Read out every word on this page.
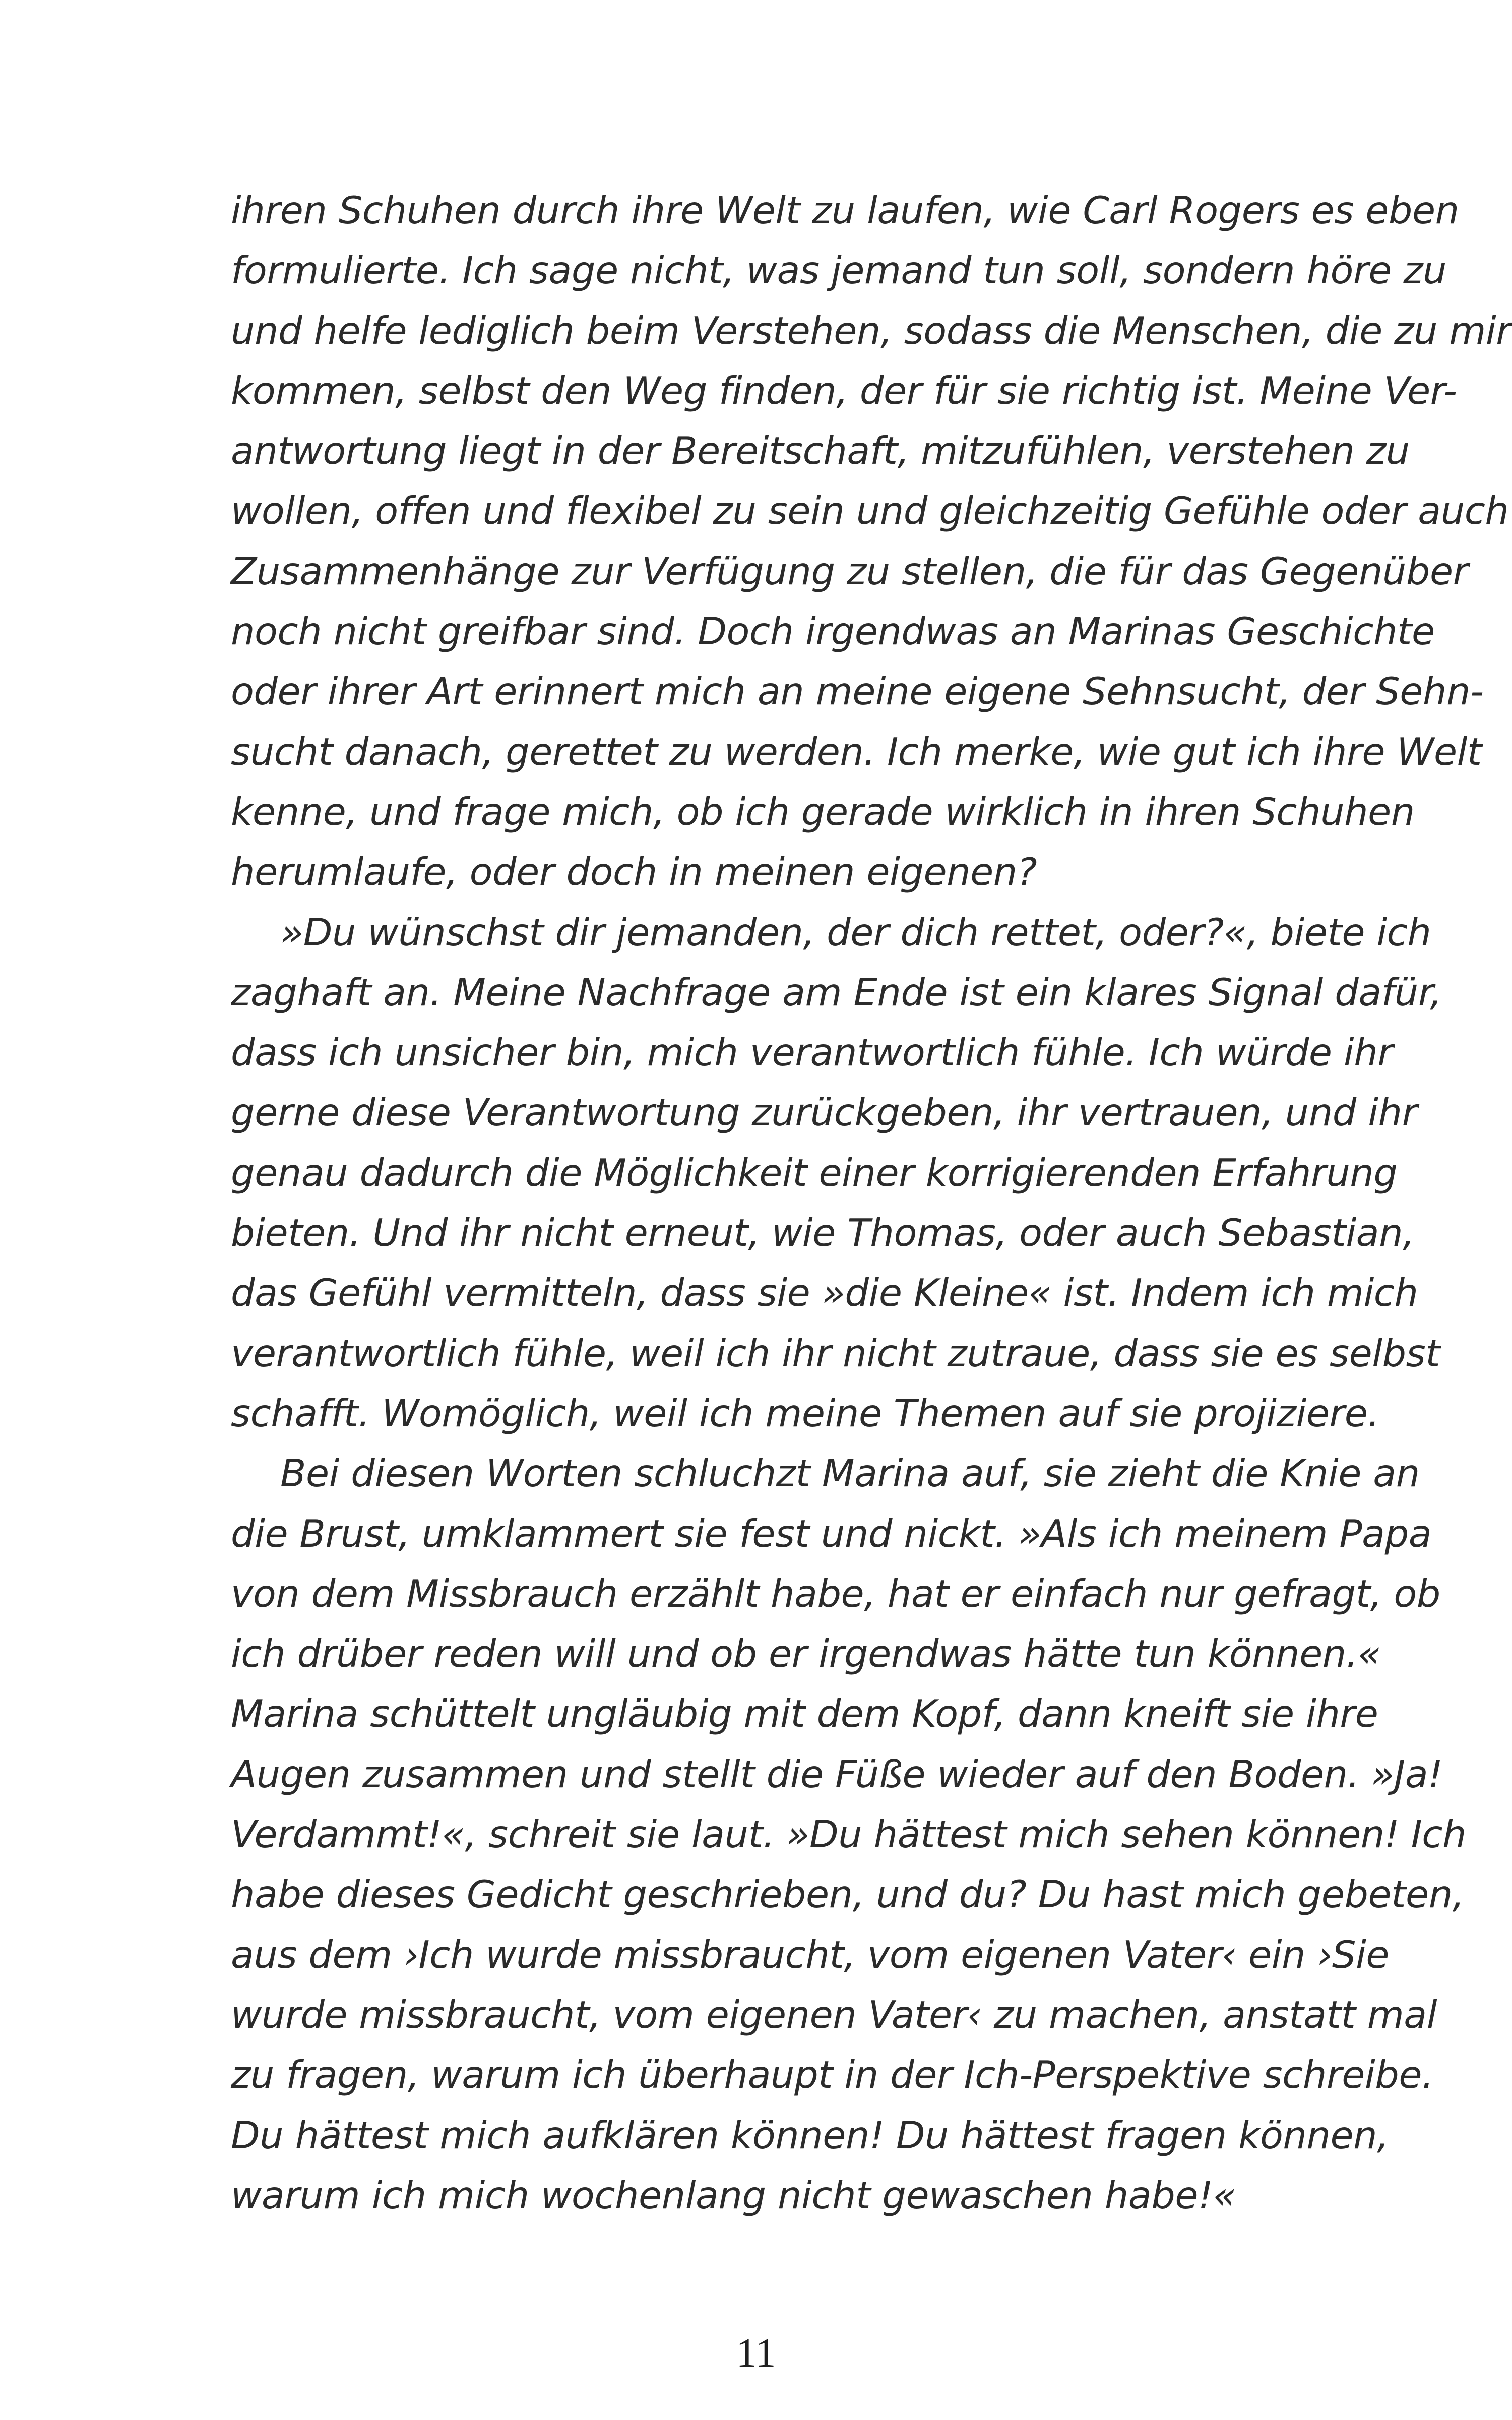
ihren Schuhen durch ihre Welt zu laufen, wie Carl Rogers es eben
formulierte. Ich sage nicht, was jemand tun soll, sondern höre zu
und helfe lediglich beim Verstehen, sodass die Menschen, die zu mir
kommen, selbst den Weg finden, der für sie richtig ist. Meine Ver-
antwortung liegt in der Bereitschaft, mitzufühlen, verstehen zu
wollen, offen und flexibel zu sein und gleichzeitig Gefühle oder auch
Zusammenhänge zur Verfügung zu stellen, die für das Gegenüber
noch nicht greifbar sind. Doch irgendwas an Marinas Geschichte
oder ihrer Art erinnert mich an meine eigene Sehnsucht, der Sehn-
sucht danach, gerettet zu werden. Ich merke, wie gut ich ihre Welt
kenne, und frage mich, ob ich gerade wirklich in ihren Schuhen
herumlaufe, oder doch in meinen eigenen?
»Du wünschst dir jemanden, der dich rettet, oder?«, biete ich
zaghaft an. Meine Nachfrage am Ende ist ein klares Signal dafür,
dass ich unsicher bin, mich verantwortlich fühle. Ich würde ihr
gerne diese Verantwortung zurückgeben, ihr vertrauen, und ihr
genau dadurch die Möglichkeit einer korrigierenden Erfahrung
bieten. Und ihr nicht erneut, wie Thomas, oder auch Sebastian,
das Gefühl vermitteln, dass sie »die Kleine« ist. Indem ich mich
verantwortlich fühle, weil ich ihr nicht zutraue, dass sie es selbst
schafft. Womöglich, weil ich meine Themen auf sie projiziere.
Bei diesen Worten schluchzt Marina auf, sie zieht die Knie an
die Brust, umklammert sie fest und nickt. »Als ich meinem Papa
von dem Missbrauch erzählt habe, hat er einfach nur gefragt, ob
ich drüber reden will und ob er irgendwas hätte tun können.«
Marina schüttelt ungläubig mit dem Kopf, dann kneift sie ihre
Augen zusammen und stellt die Füße wieder auf den Boden. »Ja!
Verdammt!«, schreit sie laut. »Du hättest mich sehen können! Ich
habe dieses Gedicht geschrieben, und du? Du hast mich gebeten,
aus dem ›Ich wurde missbraucht, vom eigenen Vater‹ ein ›Sie
wurde missbraucht, vom eigenen Vater‹ zu machen, anstatt mal
zu fragen, warum ich überhaupt in der Ich-Perspektive schreibe.
Du hättest mich aufklären können! Du hättest fragen können,
warum ich mich wochenlang nicht gewaschen habe!«
11
